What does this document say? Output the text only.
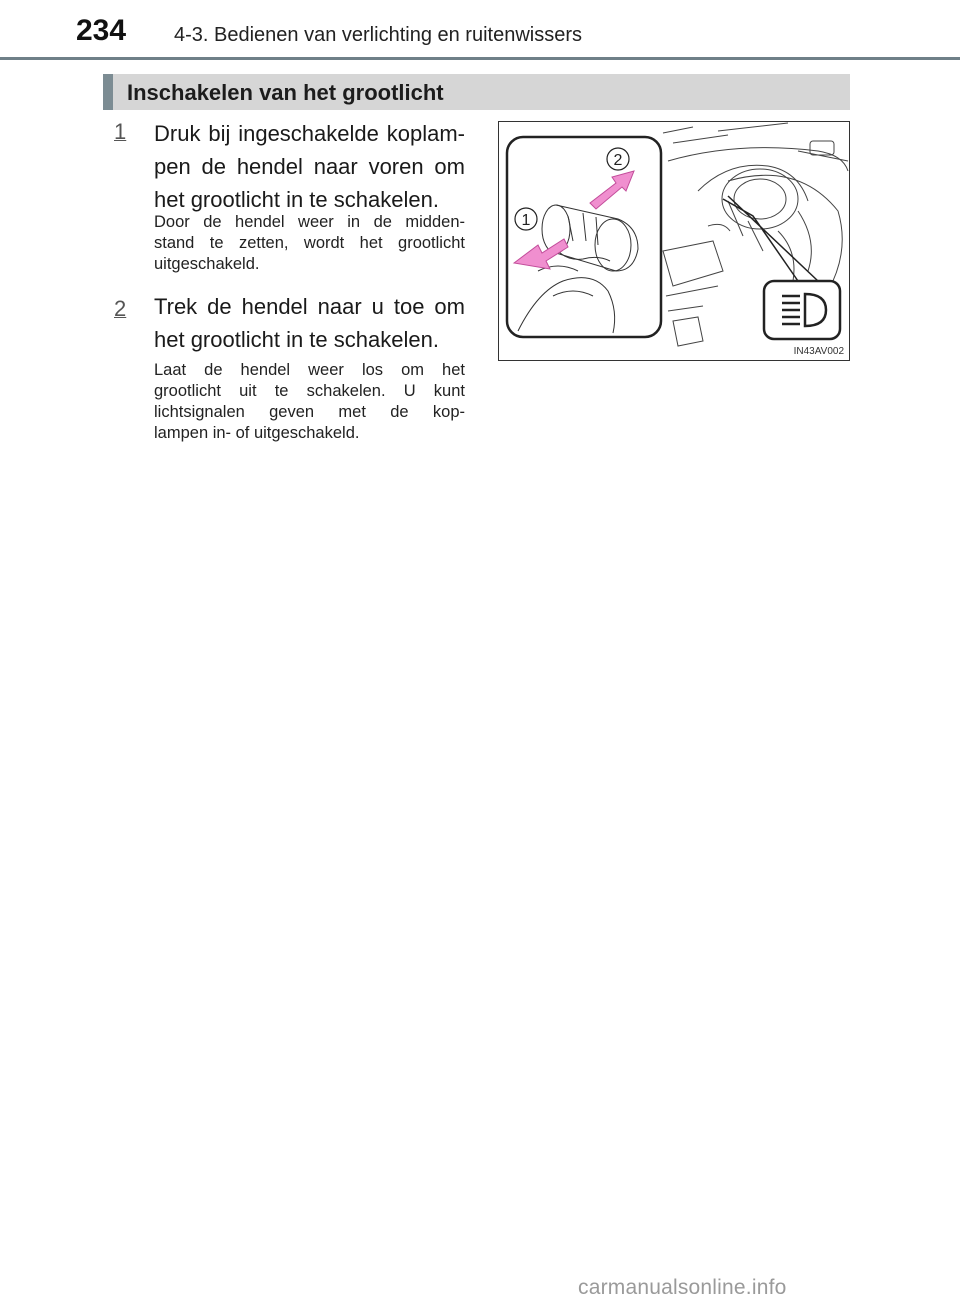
234 4-3. Bedienen van verlichting en ruitenwissers
Inschakelen van het grootlicht
1 Druk bij ingeschakelde koplam-
pen de hendel naar voren om
het grootlicht in te schakelen.
Door de hendel weer in de midden-
stand te zetten, wordt het grootlicht
uitgeschakeld.
2 Trek de hendel naar u toe om
het grootlicht in te schakelen.
Laat de hendel weer los om het
grootlicht uit te schakelen. U kunt
lichtsignalen geven met de kop-
lampen in- of uitgeschakeld.
1
2
IN43AV002
carmanualsonline.info
